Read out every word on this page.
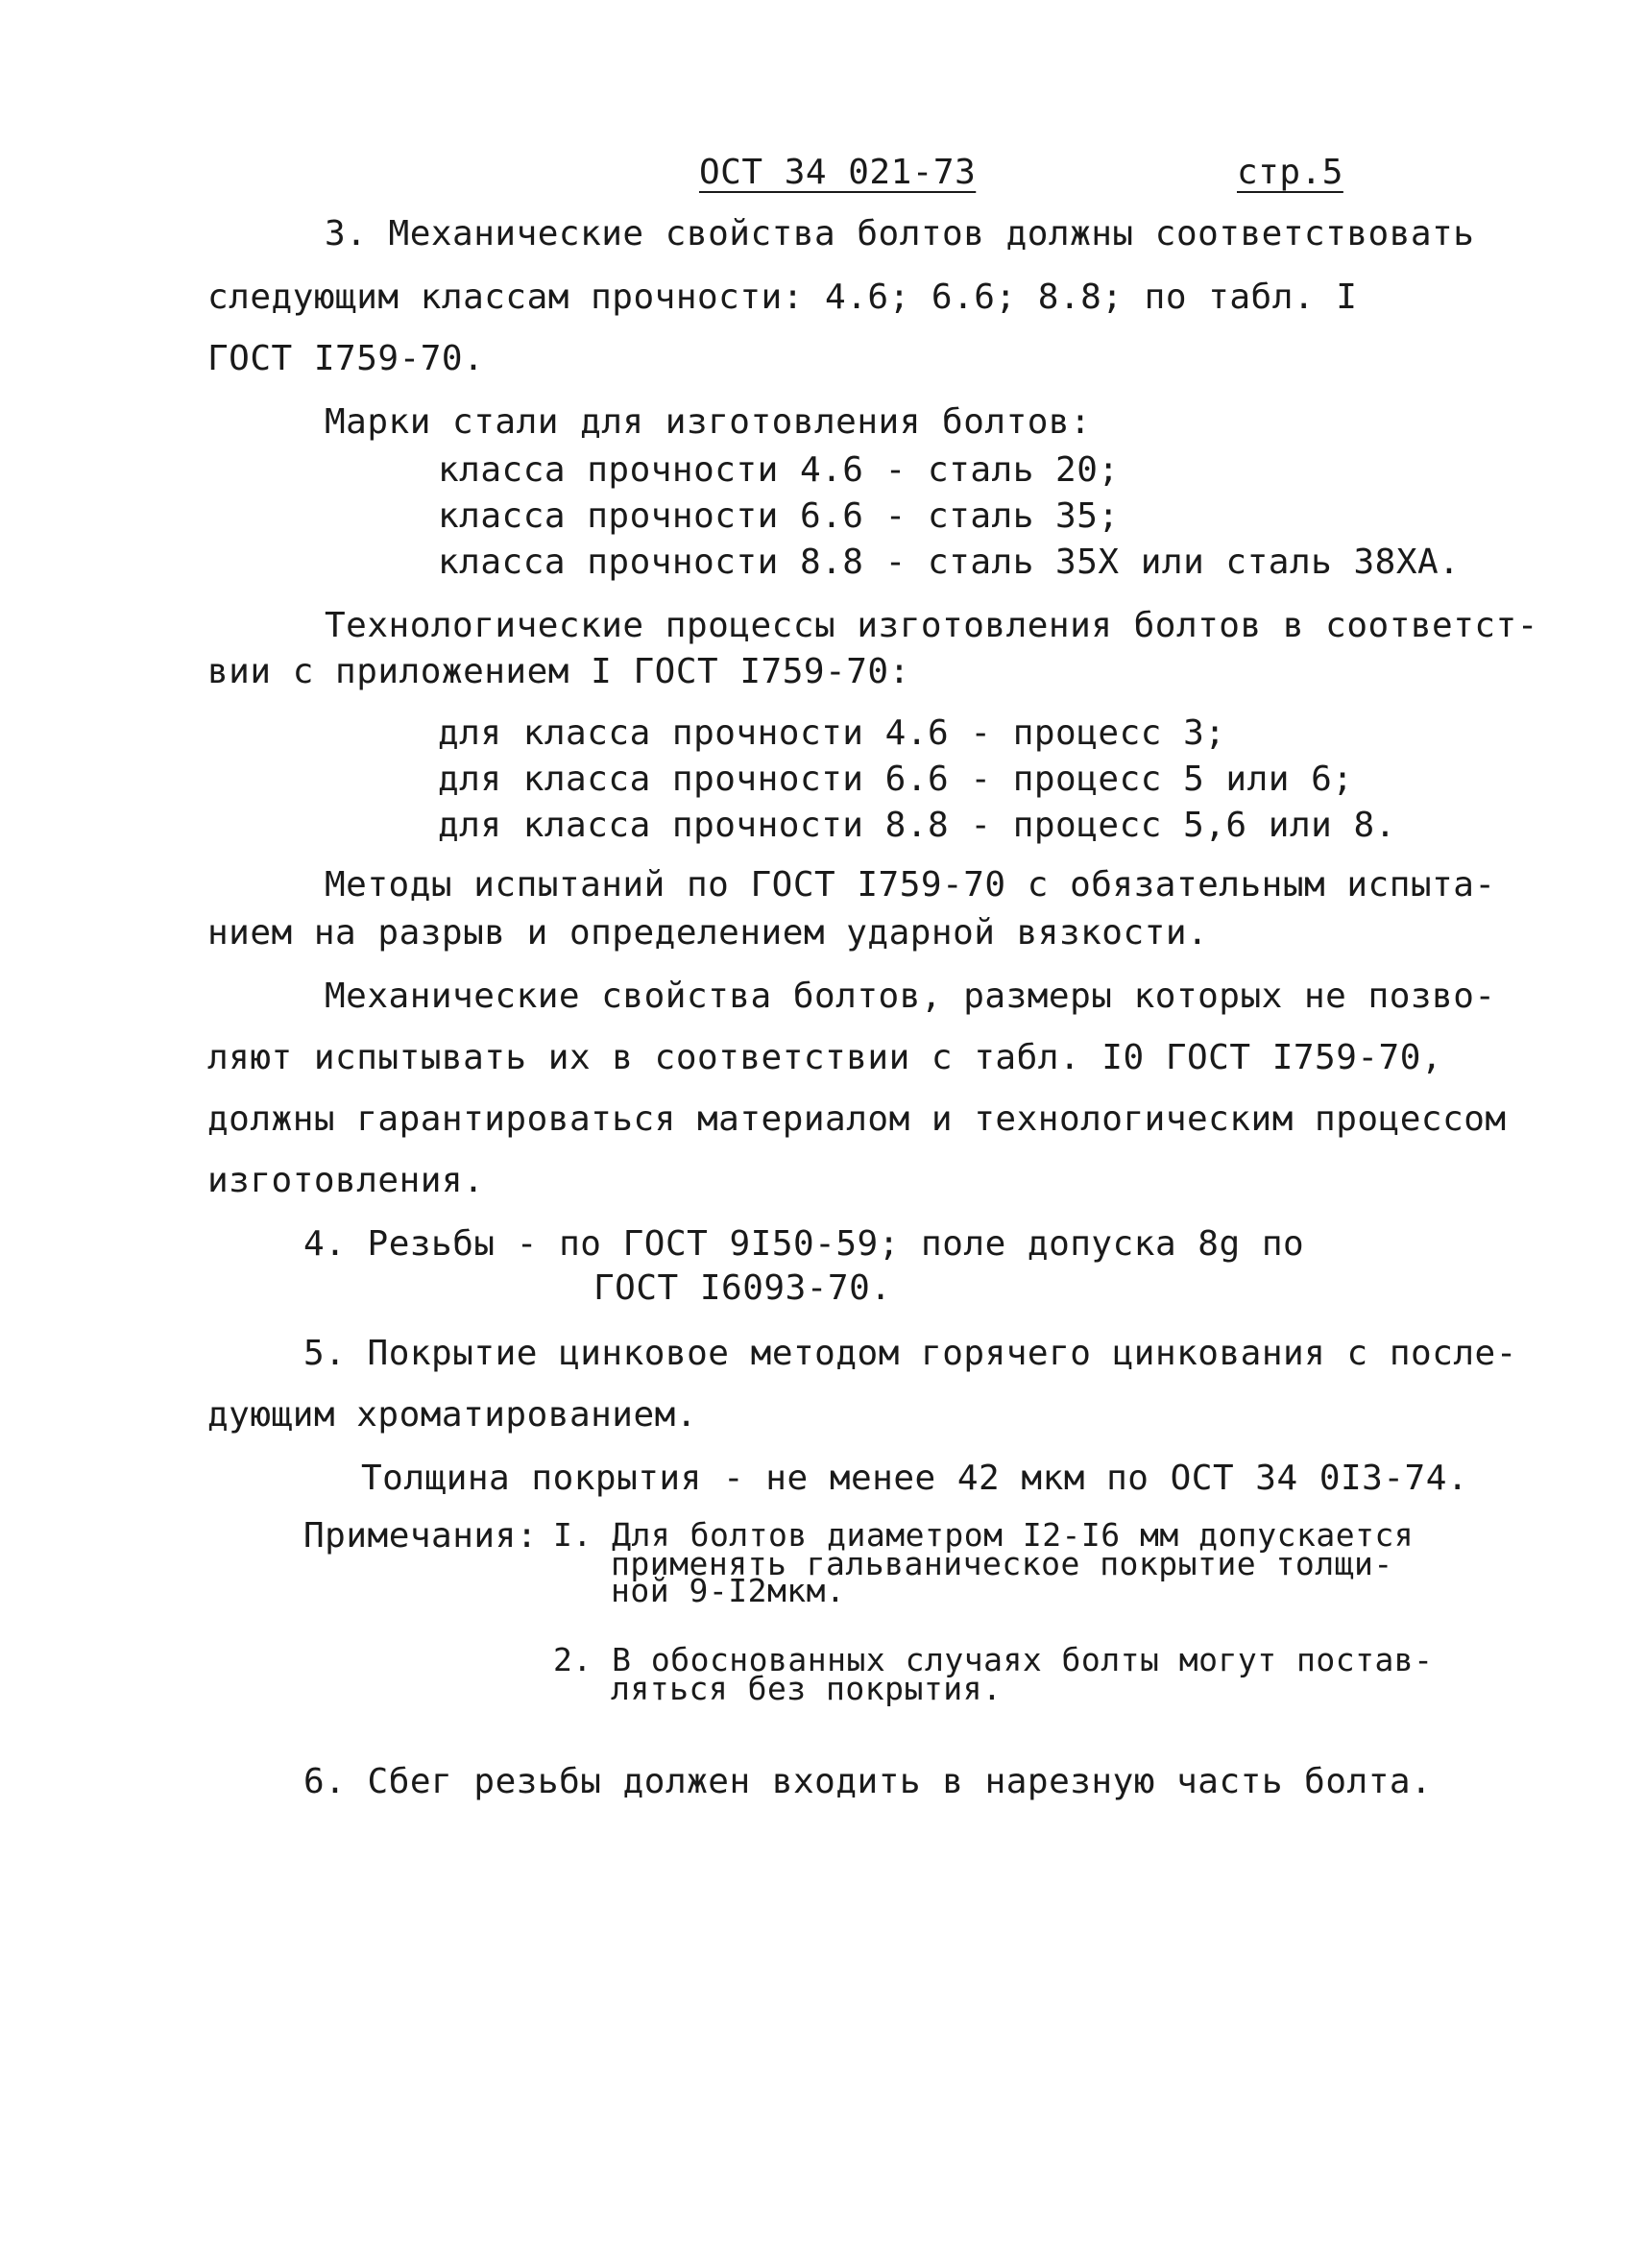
ОСТ 34 021-73	стр.5
3. Механические свойства болтов должны соответствовать
следующим классам прочности: 4.6; 6.6; 8.8; по табл. I
ГОСТ I759-70.
Марки стали для изготовления болтов:
класса прочности 4.6 - сталь 20;
класса прочности 6.6 - сталь 35;
класса прочности 8.8 - сталь 35Х или сталь 38ХА.
Технологические процессы изготовления болтов в соответст-
вии с приложением I ГОСТ I759-70:
для класса прочности 4.6 - процесс 3;
для класса прочности 6.6 - процесс 5 или 6;
для класса прочности 8.8 - процесс 5,6 или 8.
Методы испытаний по ГОСТ I759-70 с обязательным испыта-
нием на разрыв и определением ударной вязкости.
Механические свойства болтов, размеры которых не позво-
ляют испытывать их в соответствии с табл. I0 ГОСТ I759-70,
должны гарантироваться материалом и технологическим процессом
изготовления.
4. Резьбы - по ГОСТ 9I50-59; поле допуска 8g по
ГОСТ I6093-70.
5. Покрытие цинковое методом горячего цинкования с после-
дующим хроматированием.
Толщина покрытия - не менее 42 мкм по ОСТ 34 0I3-74.
Примечания: I. Для болтов диаметром I2-I6 мм допускается
применять гальваническое покрытие толщи-
ной 9-I2мкм.
2. В обоснованных случаях болты могут постав-
ляться без покрытия.
6. Сбег резьбы должен входить в нарезную часть болта.
